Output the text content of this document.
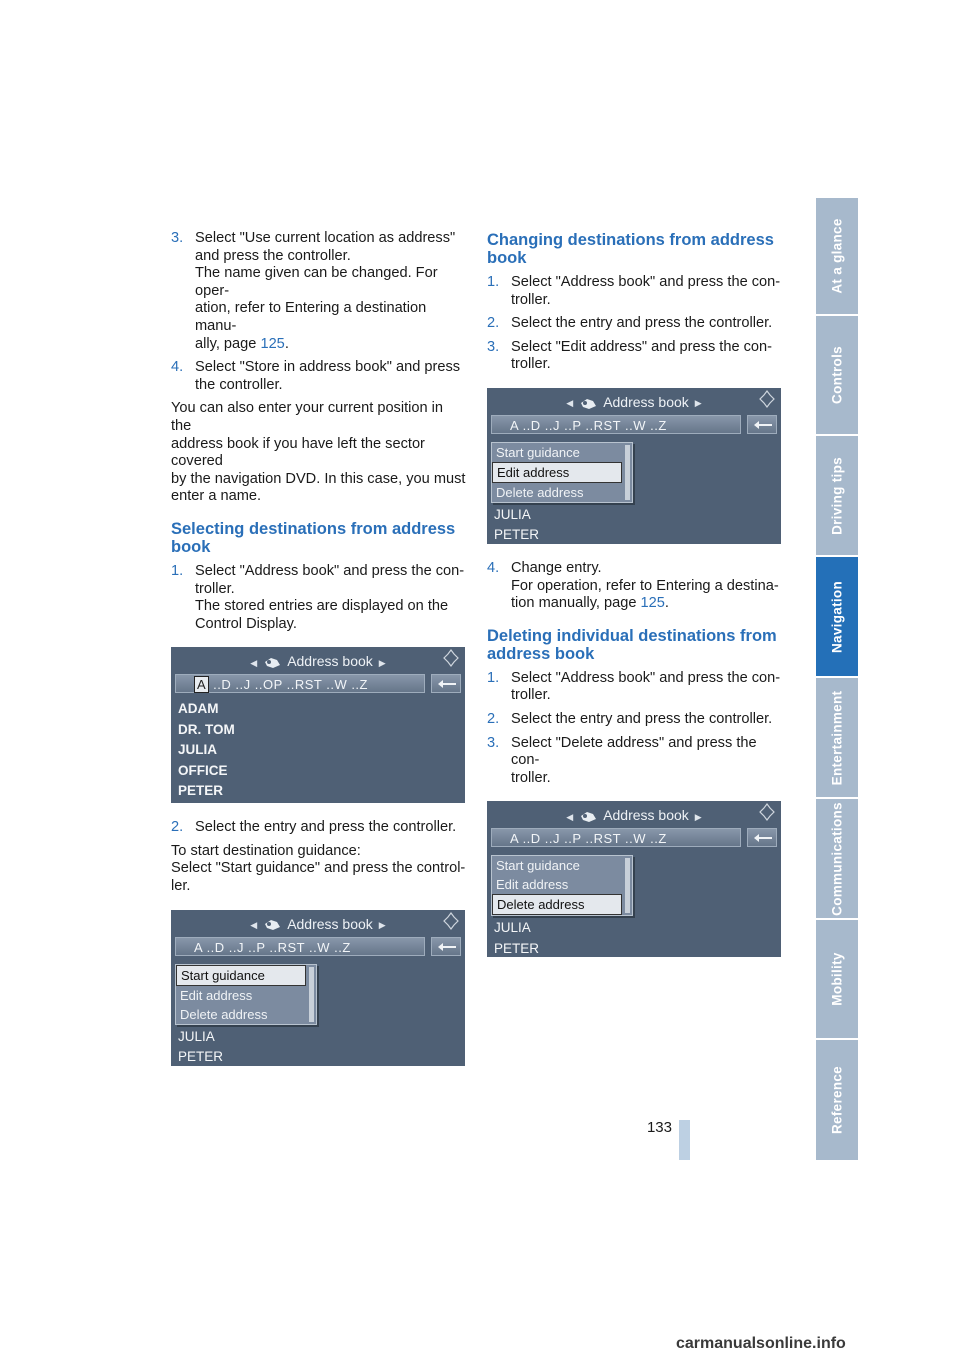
3. Select "Use current location as address"
and press the controller.
The name given can be changed. For oper-
ation, refer to Entering a destination manu-
ally, page 125.
4. Select "Store in address book" and press
the controller.

You can also enter your current position in the
address book if you have left the sector covered
by the navigation DVD. In this case, you must
enter a name.

Selecting destinations from address
book
1. Select "Address book" and press the con-
troller.
The stored entries are displayed on the
Control Display.
◀ Address book ▶
A ..D ..J ..OP ..RST ..W ..Z
ADAM
DR. TOM
JULIA
OFFICE
PETER
2. Select the entry and press the controller.

To start destination guidance:
Select "Start guidance" and press the control-
ler.

◀ Address book ▶
A ..D ..J ..P ..RST ..W ..Z
Start guidance
Edit address
Delete address
JULIA
PETER
Changing destinations from address
book
1. Select "Address book" and press the con-
troller.
2. Select the entry and press the controller.
3. Select "Edit address" and press the con-
troller.
◀ Address book ▶
A ..D ..J ..P ..RST ..W ..Z
Start guidance
Edit address
Delete address
JULIA
PETER
4. Change entry.
For operation, refer to Entering a destina-
tion manually, page 125.
Deleting individual destinations from
address book
1. Select "Address book" and press the con-
troller.
2. Select the entry and press the controller.
3. Select "Delete address" and press the con-
troller.
◀ Address book ▶
A ..D ..J ..P ..RST ..W ..Z
Start guidance
Edit address
Delete address
JULIA
PETER
At a glance
Controls
Driving tips
Navigation
Entertainment
Communications
Mobility
Reference
133
carmanualsonline.info
